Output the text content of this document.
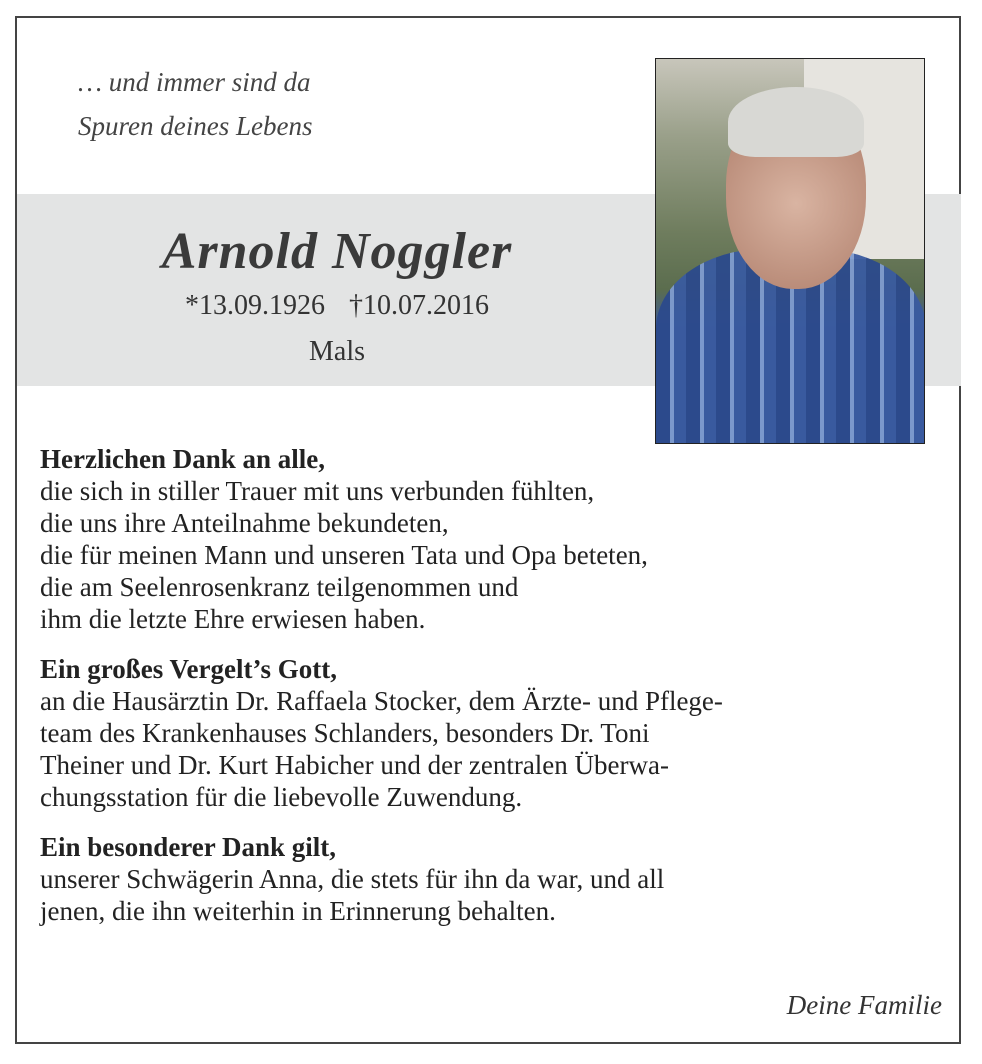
… und immer sind da
Spuren deines Lebens
Arnold Noggler
*13.09.1926 †10.07.2016
Mals
Herzlichen Dank an alle,
die sich in stiller Trauer mit uns verbunden fühlten,
die uns ihre Anteilnahme bekundeten,
die für meinen Mann und unseren Tata und Opa beteten,
die am Seelenrosenkranz teilgenommen und
ihm die letzte Ehre erwiesen haben.
Ein großes Vergelt’s Gott,
an die Hausärztin Dr. Raffaela Stocker, dem Ärzte- und Pflege-
team des Krankenhauses Schlanders, besonders Dr. Toni
Theiner und Dr. Kurt Habicher und der zentralen Überwa-
chungsstation für die liebevolle Zuwendung.
Ein besonderer Dank gilt,
unserer Schwägerin Anna, die stets für ihn da war, und all
jenen, die ihn weiterhin in Erinnerung behalten.
Deine Familie
